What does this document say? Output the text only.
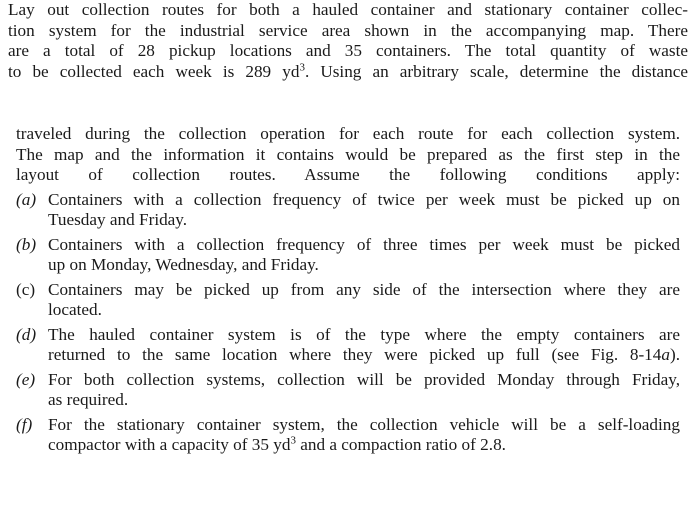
Lay out collection routes for both a hauled container and stationary container collec-
tion system for the industrial service area shown in the accompanying map. There
are a total of 28 pickup locations and 35 containers. The total quantity of waste
to be collected each week is 289 $yd^3$. Using an arbitrary scale, determine the distance
traveled during the collection operation for each route for each collection system.
The map and the information it contains would be prepared as the first step in the
layout of collection routes. Assume the following conditions apply:
(a) Containers with a collection frequency of twice per week must be picked up on
Tuesday and Friday.
(b) Containers with a collection frequency of three times per week must be picked
up on Monday, Wednesday, and Friday.
(c) Containers may be picked up from any side of the intersection where they are
located.
(d) The hauled container system is of the type where the empty containers are
returned to the same location where they were picked up full (see Fig. 8-14a).
(e) For both collection systems, collection will be provided Monday through Friday,
as required.
(f) For the stationary container system, the collection vehicle will be a self-loading
compactor with a capacity of 35 $yd^3$ and a compaction ratio of 2.8.
